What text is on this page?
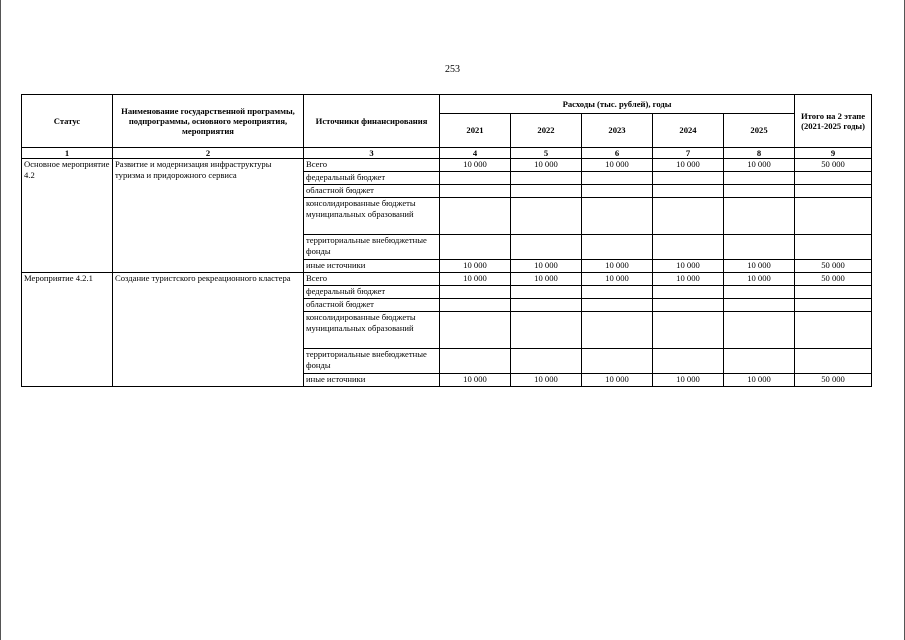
253
Статус	Наименование государственной программы, подпрограммы, основного мероприятия, мероприятия	Источники финансирования	Расходы (тыс. рублей), годы					Итого на 2 этапе (2021-2025 годы)
			2021	2022	2023	2024	2025	
1	2	3	4	5	6	7	8	9
Основное мероприятие 4.2	Развитие и модернизация инфраструктуры туризма и придорожного сервиса	Всего	10 000	10 000	10 000	10 000	10 000	50 000
		федеральный бюджет						
		областной бюджет						
		консолидированные бюджеты муниципальных образований						
		территориальные внебюджетные фонды						
		иные источники	10 000	10 000	10 000	10 000	10 000	50 000
Мероприятие 4.2.1	Создание туристского рекреационного кластера	Всего	10 000	10 000	10 000	10 000	10 000	50 000
		федеральный бюджет						
		областной бюджет						
		консолидированные бюджеты муниципальных образований						
		территориальные внебюджетные фонды						
		иные источники	10 000	10 000	10 000	10 000	10 000	50 000
